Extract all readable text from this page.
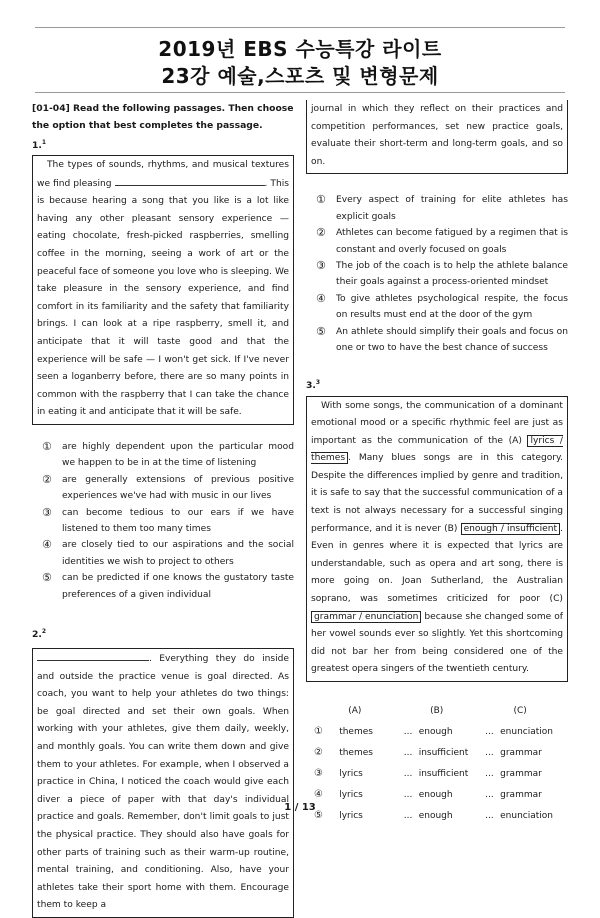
2019년 EBS 수능특강 라이트
23강 예술,스포츠 및 변형문제
[01-04] Read the following passages. Then choose the option that best completes the passage.
1.$^1$
The types of sounds, rhythms, and musical textures we find pleasing	. This is because hearing a song that you like is a lot like having any other pleasant sensory experience — eating chocolate, fresh-picked raspberries, smelling coffee in the morning, seeing a work of art or the peaceful face of someone you love who is sleeping. We take pleasure in the sensory experience, and find comfort in its familiarity and the safety that familiarity brings. I can look at a ripe raspberry, smell it, and anticipate that it will taste good and that the experience will be safe — I won't get sick. If I've never seen a loganberry before, there are so many points in common with the raspberry that I can take the chance in eating it and anticipate that it will be safe.
①	are highly dependent upon the particular mood we happen to be in at the time of listening
②	are generally extensions of previous positive experiences we've had with music in our lives
③	can become tedious to our ears if we have listened to them too many times
④	are closely tied to our aspirations and the social identities we wish to project to others
⑤	can be predicted if one knows the gustatory taste preferences of a given individual
2.$^2$
. Everything they do inside and outside the practice venue is goal directed. As coach, you want to help your athletes do two things: be goal directed and set their own goals. When working with your athletes, give them daily, weekly, and monthly goals. You can write them down and give them to your athletes. For example, when I observed a practice in China, I noticed the coach would give each diver a piece of paper with that day's individual practice and goals. Remember, don't limit goals to just the physical practice. They should also have goals for other parts of training such as their warm-up routine, mental training, and conditioning. Also, have your athletes take their sport home with them. Encourage them to keep a
journal in which they reflect on their practices and competition performances, set new practice goals, evaluate their short-term and long-term goals, and so on.
①	Every aspect of training for elite athletes has explicit goals
②	Athletes can become fatigued by a regimen that is constant and overly focused on goals
③	The job of the coach is to help the athlete balance their goals against a process-oriented mindset
④	To give athletes psychological respite, the focus on results must end at the door of the gym
⑤	An athlete should simplify their goals and focus on one or two to have the best chance of success
3.$^3$
With some songs, the communication of a dominant emotional mood or a specific rhythmic feel are just as important as the communication of the (A) lyrics / themes . Many blues songs are in this category. Despite the differences implied by genre and tradition, it is safe to say that the successful communication of a text is not always necessary for a successful singing performance, and it is never (B) enough / insufficient . Even in genres where it is expected that lyrics are understandable, such as opera and art song, there is more going on. Joan Sutherland, the Australian soprano, was sometimes criticized for poor (C) grammar / enunciation because she changed some of her vowel sounds ever so slightly. Yet this shortcoming did not bar her from being considered one of the greatest opera singers of the twentieth century.
(A)	(B)	(C)
①	themes	... enough	... enunciation
②	themes	... insufficient	... grammar
③	lyrics	... insufficient	... grammar
④	lyrics	... enough	... grammar
⑤	lyrics	... enough	... enunciation
1 / 13
